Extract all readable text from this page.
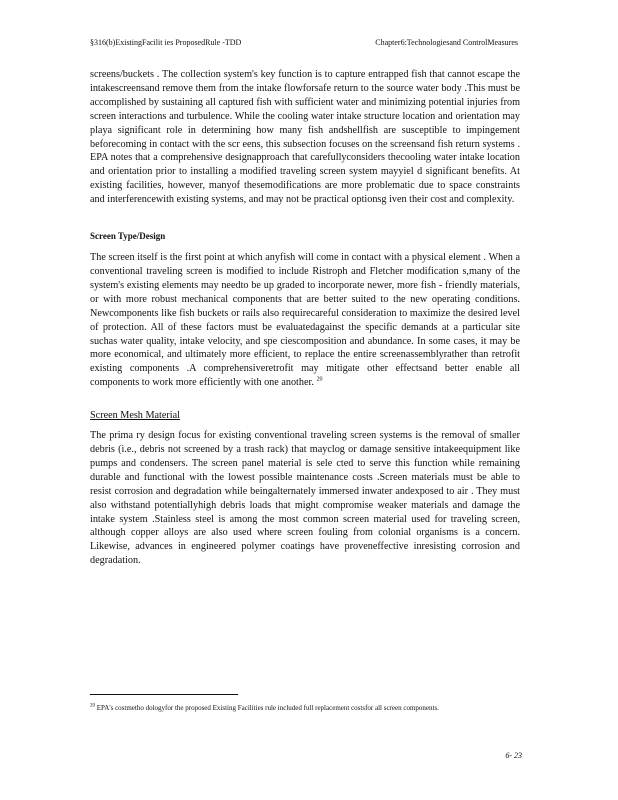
§316(b)ExistingFacilit ies ProposedRule -TDD	Chapter6:Technologiesand ControlMeasures

screens/buckets . The collection system's key function is to capture entrapped fish that cannot escape the intakescreensand remove them from the intake flowforsafe return to the source water body .This must be accomplished by sustaining all captured fish with sufficient water and minimizing potential injuries from screen interactions and turbulence. While the cooling water intake structure location and orientation may playa significant role in determining how many fish andshellfish are susceptible to impingement beforecoming in contact with the scr eens, this subsection focuses on the screensand fish return systems . EPA notes that a comprehensive designapproach that carefullyconsiders thecooling water intake location and orientation prior to installing a modified traveling screen system mayyiel d significant benefits. At existing facilities, however, manyof thesemodifications are more problematic due to space constraints and interferencewith existing systems, and may not be practical optionsg iven their cost and complexity.

Screen Type/Design

The screen itself is the first point at which anyfish will come in contact with a physical element . When a conventional traveling screen is modified to include Ristroph and Fletcher modification s,many of the system's existing elements may needto be up graded to incorporate newer, more fish - friendly materials, or with more robust mechanical components that are better suited to the new operating conditions. Newcomponents like fish buckets or rails also requirecareful consideration to maximize the desired level of protection. All of these factors must be evaluatedagainst the specific demands at a particular site suchas water quality, intake velocity, and spe ciescomposition and abundance. In some cases, it may be more economical, and ultimately more efficient, to replace the entire screenassemblyrather than retrofit existing components .A comprehensiveretrofit may mitigate other effectsand better enable all components to work more efficiently with one another. $^{20}$

Screen Mesh Material

The prima ry design focus for existing conventional traveling screen systems is the removal of smaller debris (i.e., debris not screened by a trash rack) that mayclog or damage sensitive intakeequipment like pumps and condensers. The screen panel material is sele cted to serve this function while remaining durable and functional with the lowest possible maintenance costs .Screen materials must be able to resist corrosion and degradation while beingalternately immersed inwater andexposed to air . They must also withstand potentiallyhigh debris loads that might compromise weaker materials and damage the intake system .Stainless steel is among the most common screen material used for traveling screen, although copper alloys are also used where screen fouling from colonial organisms is a concern. Likewise, advances in engineered polymer coatings have proveneffective inresisting corrosion and degradation.

$^{20}$ EPA's costmetho dologyfor the proposed Existing Facilities rule included full replacement costsfor all screen components.
6- 23
